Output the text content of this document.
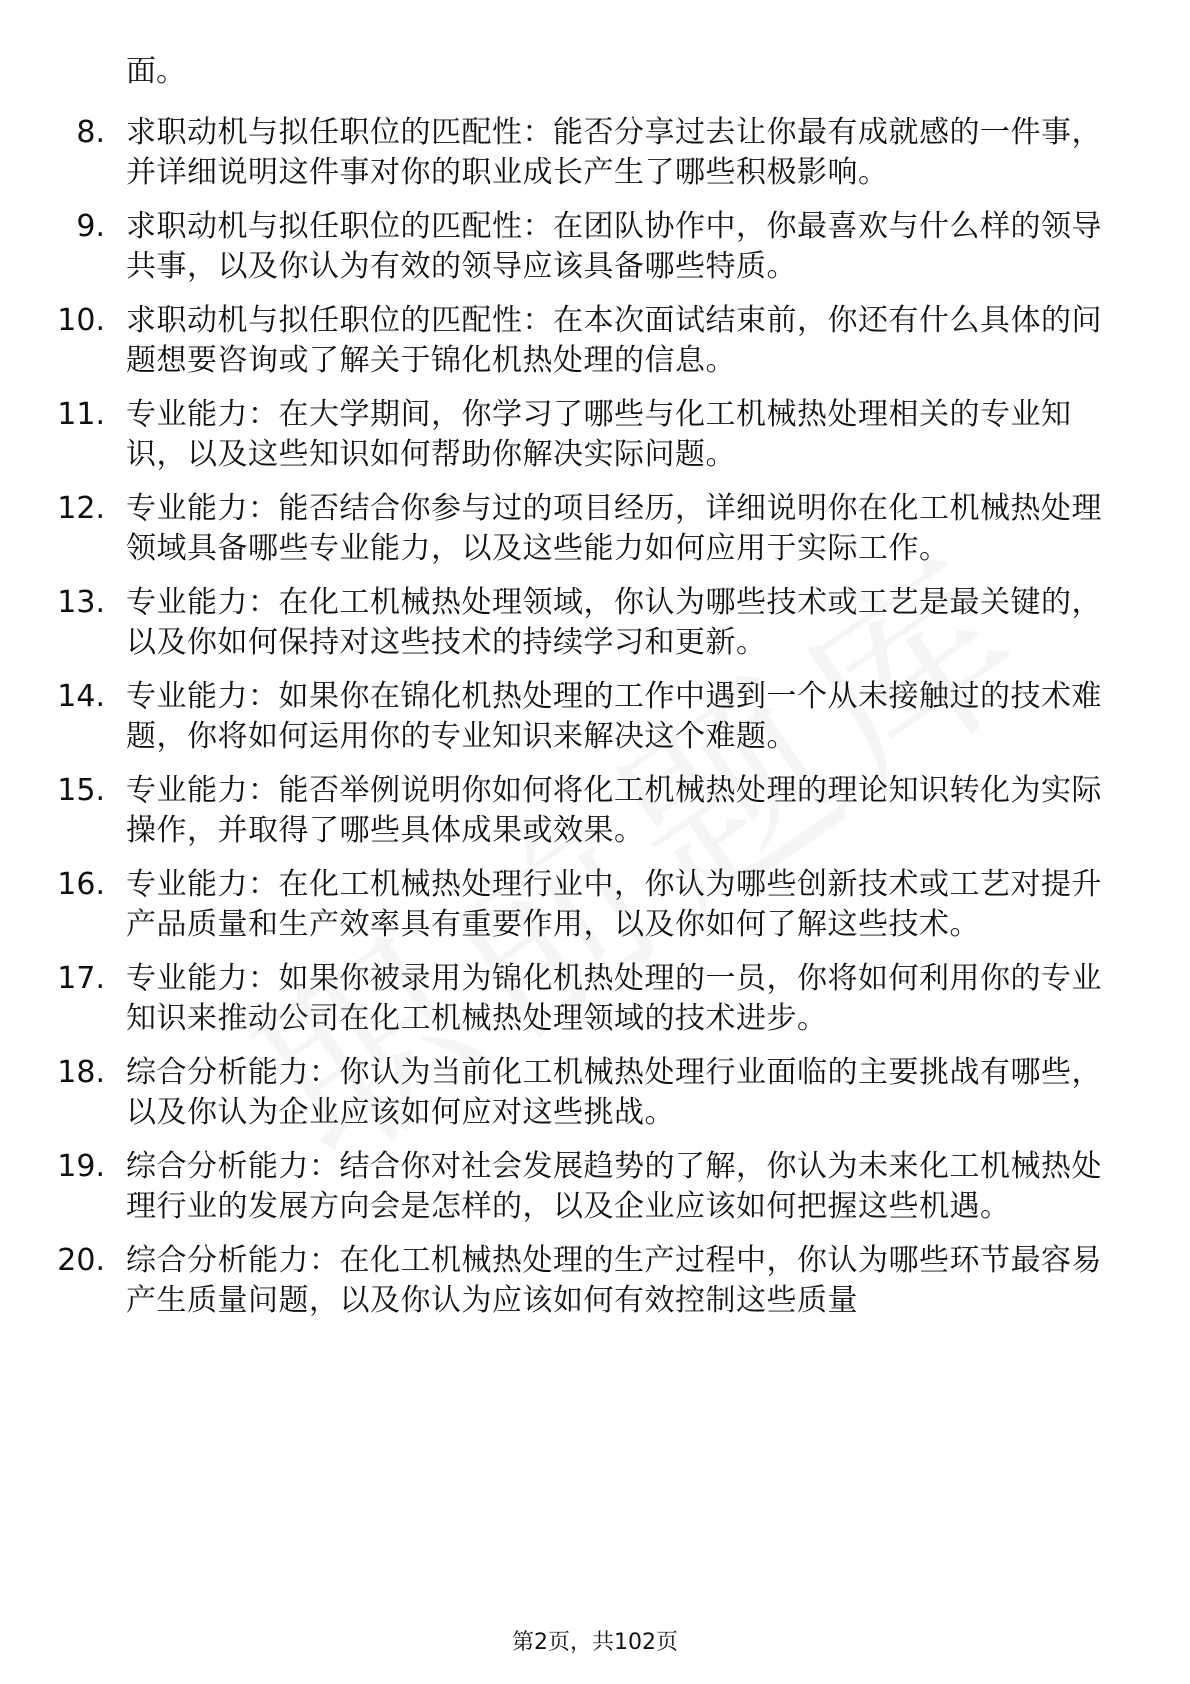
面。

8. 求职动机与拟任职位的匹配性：能否分享过去让你最有成就感的一件事，并详细说明这件事对你的职业成长产生了哪些积极影响。
9. 求职动机与拟任职位的匹配性：在团队协作中，你最喜欢与什么样的领导共事，以及你认为有效的领导应该具备哪些特质。
10. 求职动机与拟任职位的匹配性：在本次面试结束前，你还有什么具体的问题想要咨询或了解关于锦化机热处理的信息。
11. 专业能力：在大学期间，你学习了哪些与化工机械热处理相关的专业知识，以及这些知识如何帮助你解决实际问题。
12. 专业能力：能否结合你参与过的项目经历，详细说明你在化工机械热处理领域具备哪些专业能力，以及这些能力如何应用于实际工作。
13. 专业能力：在化工机械热处理领域，你认为哪些技术或工艺是最关键的，以及你如何保持对这些技术的持续学习和更新。
14. 专业能力：如果你在锦化机热处理的工作中遇到一个从未接触过的技术难题，你将如何运用你的专业知识来解决这个难题。
15. 专业能力：能否举例说明你如何将化工机械热处理的理论知识转化为实际操作，并取得了哪些具体成果或效果。
16. 专业能力：在化工机械热处理行业中，你认为哪些创新技术或工艺对提升产品质量和生产效率具有重要作用，以及你如何了解这些技术。
17. 专业能力：如果你被录用为锦化机热处理的一员，你将如何利用你的专业知识来推动公司在化工机械热处理领域的技术进步。
18. 综合分析能力：你认为当前化工机械热处理行业面临的主要挑战有哪些，以及你认为企业应该如何应对这些挑战。
19. 综合分析能力：结合你对社会发展趋势的了解，你认为未来化工机械热处理行业的发展方向会是怎样的，以及企业应该如何把握这些机遇。
20. 综合分析能力：在化工机械热处理的生产过程中，你认为哪些环节最容易产生质量问题，以及你认为应该如何有效控制这些质量
第2页，共102页
